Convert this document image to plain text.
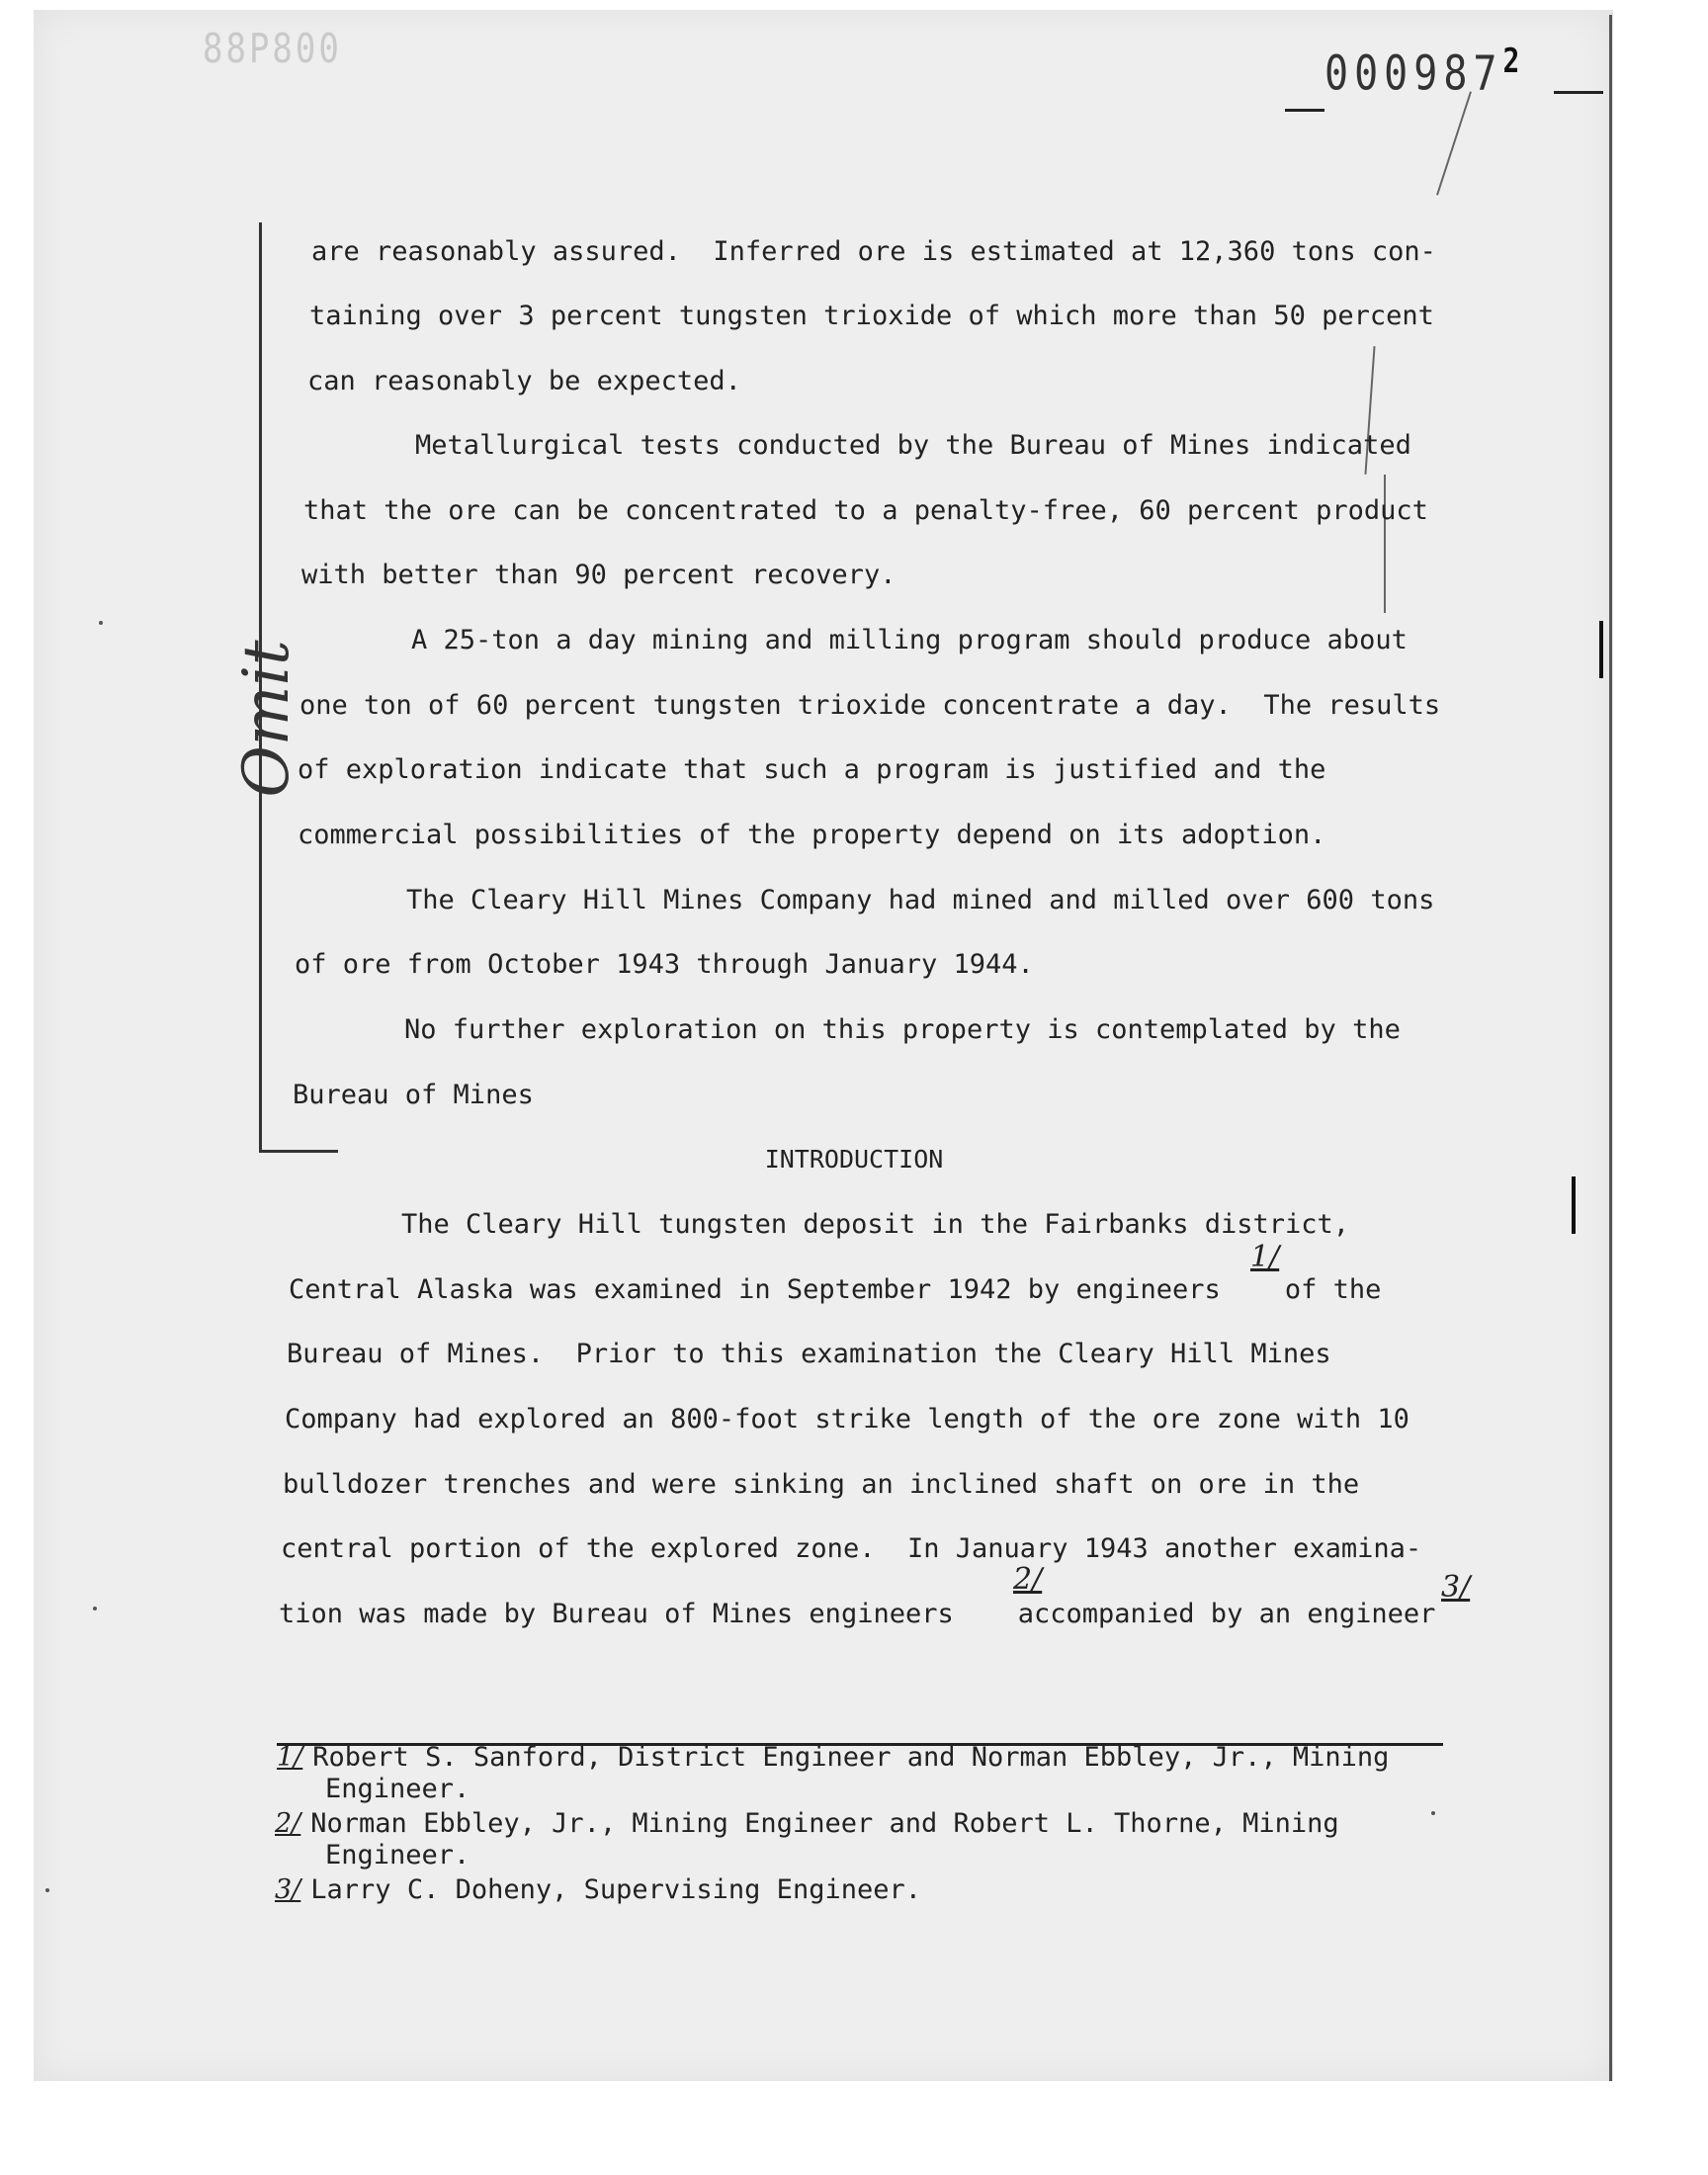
88P800	000987$^2$
Omit
are reasonably assured.  Inferred ore is estimated at 12,360 tons con-
taining over 3 percent tungsten trioxide of which more than 50 percent
can reasonably be expected.
Metallurgical tests conducted by the Bureau of Mines indicated
that the ore can be concentrated to a penalty-free, 60 percent product
with better than 90 percent recovery.
A 25-ton a day mining and milling program should produce about
one ton of 60 percent tungsten trioxide concentrate a day.  The results
of exploration indicate that such a program is justified and the
commercial possibilities of the property depend on its adoption.
The Cleary Hill Mines Company had mined and milled over 600 tons
of ore from October 1943 through January 1944.
No further exploration on this property is contemplated by the
Bureau of Mines
INTRODUCTION
The Cleary Hill tungsten deposit in the Fairbanks district,
Central Alaska was examined in September 1942 by engineers    of the
Bureau of Mines.  Prior to this examination the Cleary Hill Mines
Company had explored an 800-foot strike length of the ore zone with 10
bulldozer trenches and were sinking an inclined shaft on ore in the
central portion of the explored zone.  In January 1943 another examina-
tion was made by Bureau of Mines engineers    accompanied by an engineer
1/
2/	3/
1/ Robert S. Sanford, District Engineer and Norman Ebbley, Jr., Mining
Engineer.
2/ Norman Ebbley, Jr., Mining Engineer and Robert L. Thorne, Mining
Engineer.
3/ Larry C. Doheny, Supervising Engineer.
